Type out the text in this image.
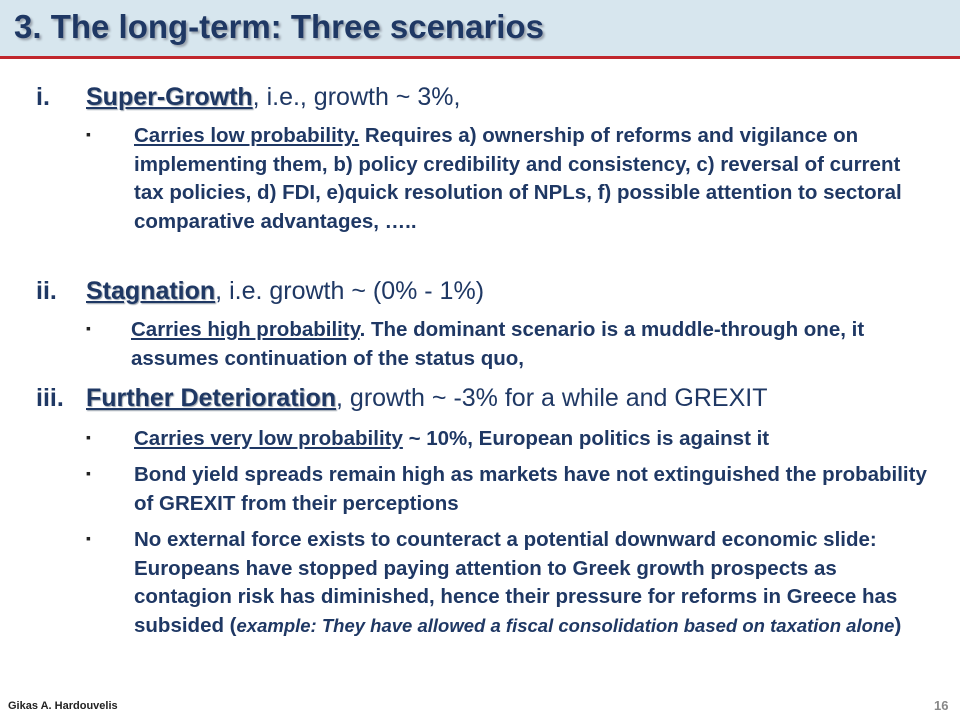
3. The long-term: Three scenarios
i. Super-Growth, i.e., growth ~ 3%,
▪ Carries low probability. Requires a) ownership of reforms and vigilance on implementing them, b) policy credibility and consistency, c) reversal of current tax policies, d) FDI, e)quick resolution of NPLs, f) possible attention to sectoral comparative advantages, …..
ii. Stagnation, i.e. growth ~ (0% - 1%)
▪ Carries high probability. The dominant scenario is a muddle-through one, it assumes continuation of the status quo,
iii. Further Deterioration, growth ~ -3% for a while and GREXIT
▪ Carries very low probability ~ 10%, European politics is against it
▪ Bond yield spreads remain high as markets have not extinguished the probability of GREXIT from their perceptions
▪ No external force exists to counteract a potential downward economic slide: Europeans have stopped paying attention to Greek growth prospects as contagion risk has diminished, hence their pressure for reforms in Greece has subsided (example: They have allowed a fiscal consolidation based on taxation alone)
Gikas A. Hardouvelis	16
